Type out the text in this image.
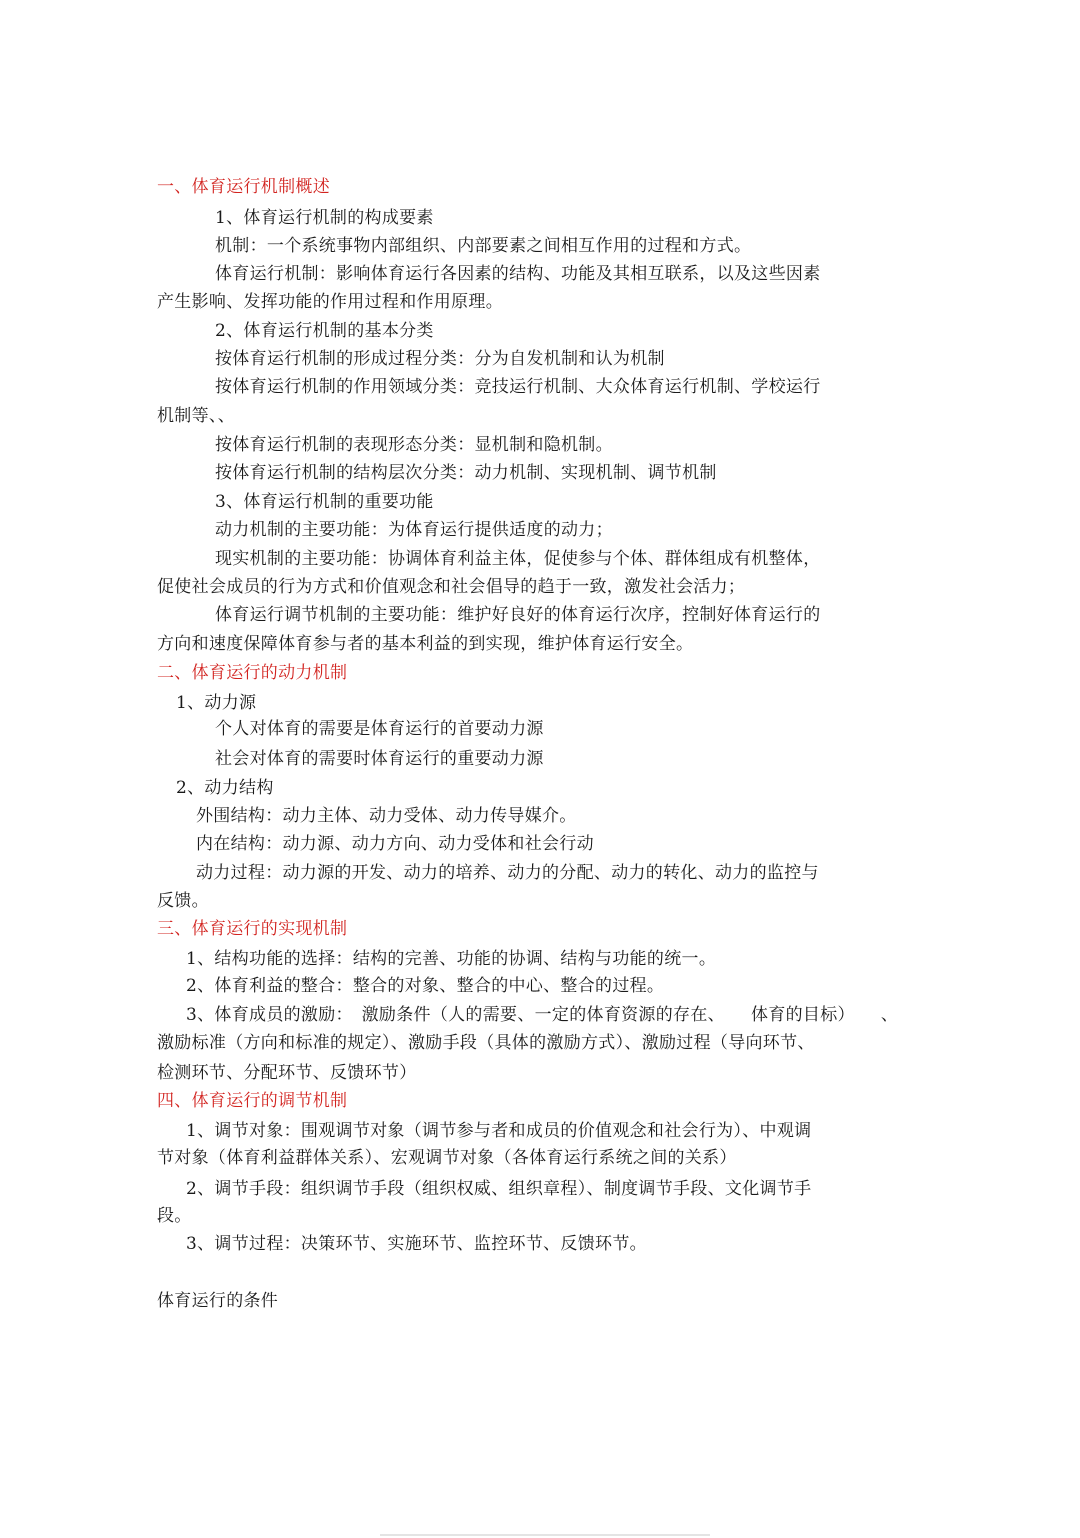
一、体育运行机制概述
1、体育运行机制的构成要素
机制：一个系统事物内部组织、内部要素之间相互作用的过程和方式。
体育运行机制：影响体育运行各因素的结构、功能及其相互联系，以及这些因素
产生影响、发挥功能的作用过程和作用原理。
2、体育运行机制的基本分类
按体育运行机制的形成过程分类：分为自发机制和认为机制
按体育运行机制的作用领域分类：竞技运行机制、大众体育运行机制、学校运行
机制等、、
按体育运行机制的表现形态分类：显机制和隐机制。
按体育运行机制的结构层次分类：动力机制、实现机制、调节机制
3、体育运行机制的重要功能
动力机制的主要功能：为体育运行提供适度的动力；
现实机制的主要功能：协调体育利益主体，促使参与个体、群体组成有机整体，
促使社会成员的行为方式和价值观念和社会倡导的趋于一致，激发社会活力；
体育运行调节机制的主要功能：维护好良好的体育运行次序，控制好体育运行的
方向和速度保障体育参与者的基本利益的到实现，维护体育运行安全。
二、体育运行的动力机制
1、动力源
个人对体育的需要是体育运行的首要动力源
社会对体育的需要时体育运行的重要动力源
2、动力结构
外围结构：动力主体、动力受体、动力传导媒介。
内在结构：动力源、动力方向、动力受体和社会行动
动力过程：动力源的开发、动力的培养、动力的分配、动力的转化、动力的监控与
反馈。
三、体育运行的实现机制
1、结构功能的选择：结构的完善、功能的协调、结构与功能的统一。
2、体育利益的整合：整合的对象、整合的中心、整合的过程。
3、体育成员的激励：　激励条件（人的需要、一定的体育资源的存在、　　体育的目标）　　、
激励标准（方向和标准的规定）、激励手段（具体的激励方式）、激励过程（导向环节、
检测环节、分配环节、反馈环节）
四、体育运行的调节机制
1、调节对象：围观调节对象（调节参与者和成员的价值观念和社会行为）、中观调
节对象（体育利益群体关系）、宏观调节对象（各体育运行系统之间的关系）
2、调节手段：组织调节手段（组织权威、组织章程）、制度调节手段、文化调节手
段。
3、调节过程：决策环节、实施环节、监控环节、反馈环节。
体育运行的条件
